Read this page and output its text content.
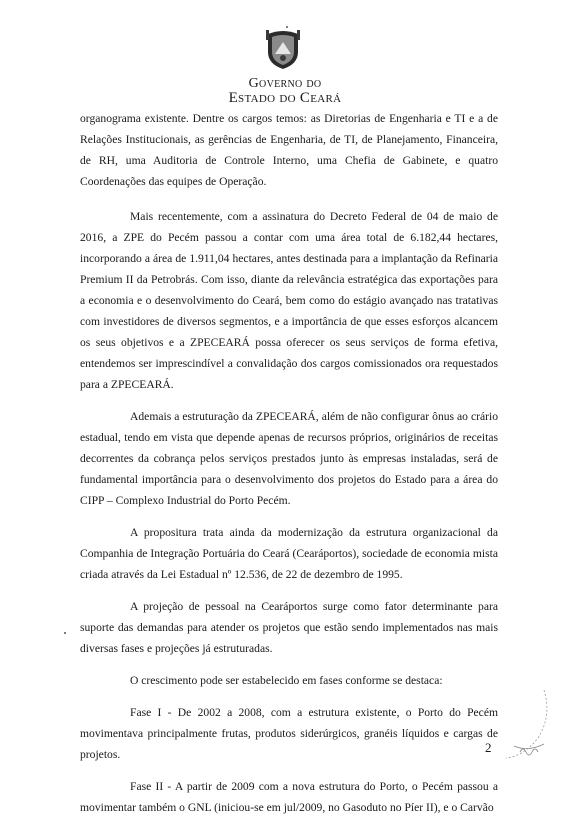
Governo do
Estado do Ceará

organograma existente. Dentre os cargos temos: as Diretorias de Engenharia e TI e a de Relações Institucionais, as gerências de Engenharia, de TI, de Planejamento, Financeira, de RH, uma Auditoria de Controle Interno, uma Chefia de Gabinete, e quatro Coordenações das equipes de Operação.

Mais recentemente, com a assinatura do Decreto Federal de 04 de maio de 2016, a ZPE do Pecém passou a contar com uma área total de 6.182,44 hectares, incorporando a área de 1.911,04 hectares, antes destinada para a implantação da Refinaria Premium II da Petrobrás. Com isso, diante da relevância estratégica das exportações para a economia e o desenvolvimento do Ceará, bem como do estágio avançado nas tratativas com investidores de diversos segmentos, e a importância de que esses esforços alcancem os seus objetivos e a ZPECEARÁ possa oferecer os seus serviços de forma efetiva, entendemos ser imprescindível a convalidação dos cargos comissionados ora requestados para a ZPECEARÁ.

Ademais a estruturação da ZPECEARÁ, além de não configurar ônus ao crário estadual, tendo em vista que depende apenas de recursos próprios, originários de receitas decorrentes da cobrança pelos serviços prestados junto às empresas instaladas, será de fundamental importância para o desenvolvimento dos projetos do Estado para a área do CIPP – Complexo Industrial do Porto Pecém.

A propositura trata ainda da modernização da estrutura organizacional da Companhia de Integração Portuária do Ceará (Cearáportos), sociedade de economia mista criada através da Lei Estadual nº 12.536, de 22 de dezembro de 1995.

A projeção de pessoal na Cearáportos surge como fator determinante para suporte das demandas para atender os projetos que estão sendo implementados nas mais diversas fases e projeções já estruturadas.

O crescimento pode ser estabelecido em fases conforme se destaca:

Fase I - De 2002 a 2008, com a estrutura existente, o Porto do Pecém movimentava principalmente frutas, produtos siderúrgicos, granéis líquidos e cargas de projetos.

Fase II - A partir de 2009 com a nova estrutura do Porto, o Pecém passou a movimentar também o GNL (iniciou-se em jul/2009, no Gasoduto no Píer II), e o Carvão

2
